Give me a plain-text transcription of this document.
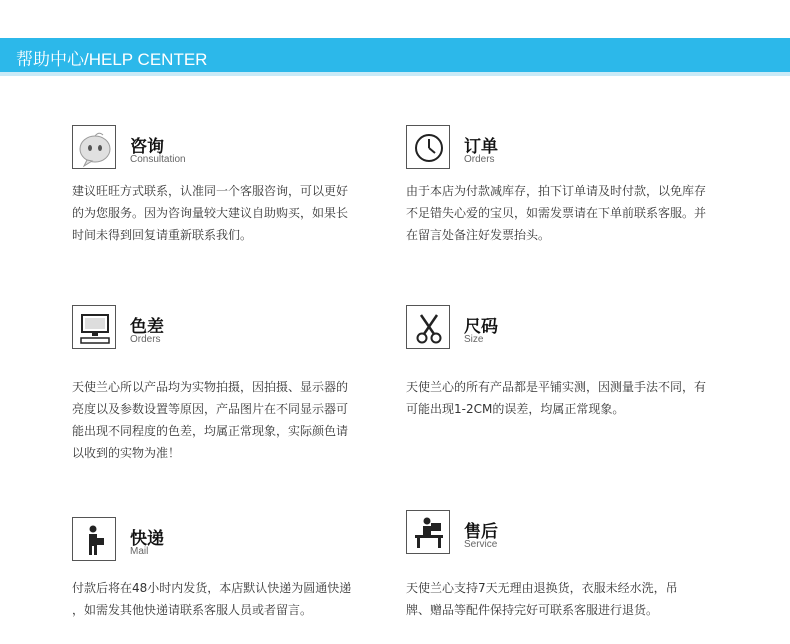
帮助中心/HELP CENTER
咨询
Consultation
建议旺旺方式联系，认准同一个客服咨询，可以更好
的为您服务。因为咨询量较大建议自助购买，如果长
时间未得到回复请重新联系我们。
订单
Orders
由于本店为付款减库存，拍下订单请及时付款，以免库存
不足错失心爱的宝贝，如需发票请在下单前联系客服。并
在留言处备注好发票抬头。
色差
Orders
天使兰心所以产品均为实物拍摄，因拍摄、显示器的
亮度以及参数设置等原因，产品图片在不同显示器可
能出现不同程度的色差，均属正常现象，实际颜色请
以收到的实物为准！
尺码
Size
天使兰心的所有产品都是平铺实测，因测量手法不同，有
可能出现1-2CM的误差，均属正常现象。
快递
Mail
付款后将在48小时内发货，本店默认快递为圆通快递
，如需发其他快递请联系客服人员或者留言。
售后
Service
天使兰心支持7天无理由退换货，衣服未经水洗，吊
牌、赠品等配件保持完好可联系客服进行退货。
